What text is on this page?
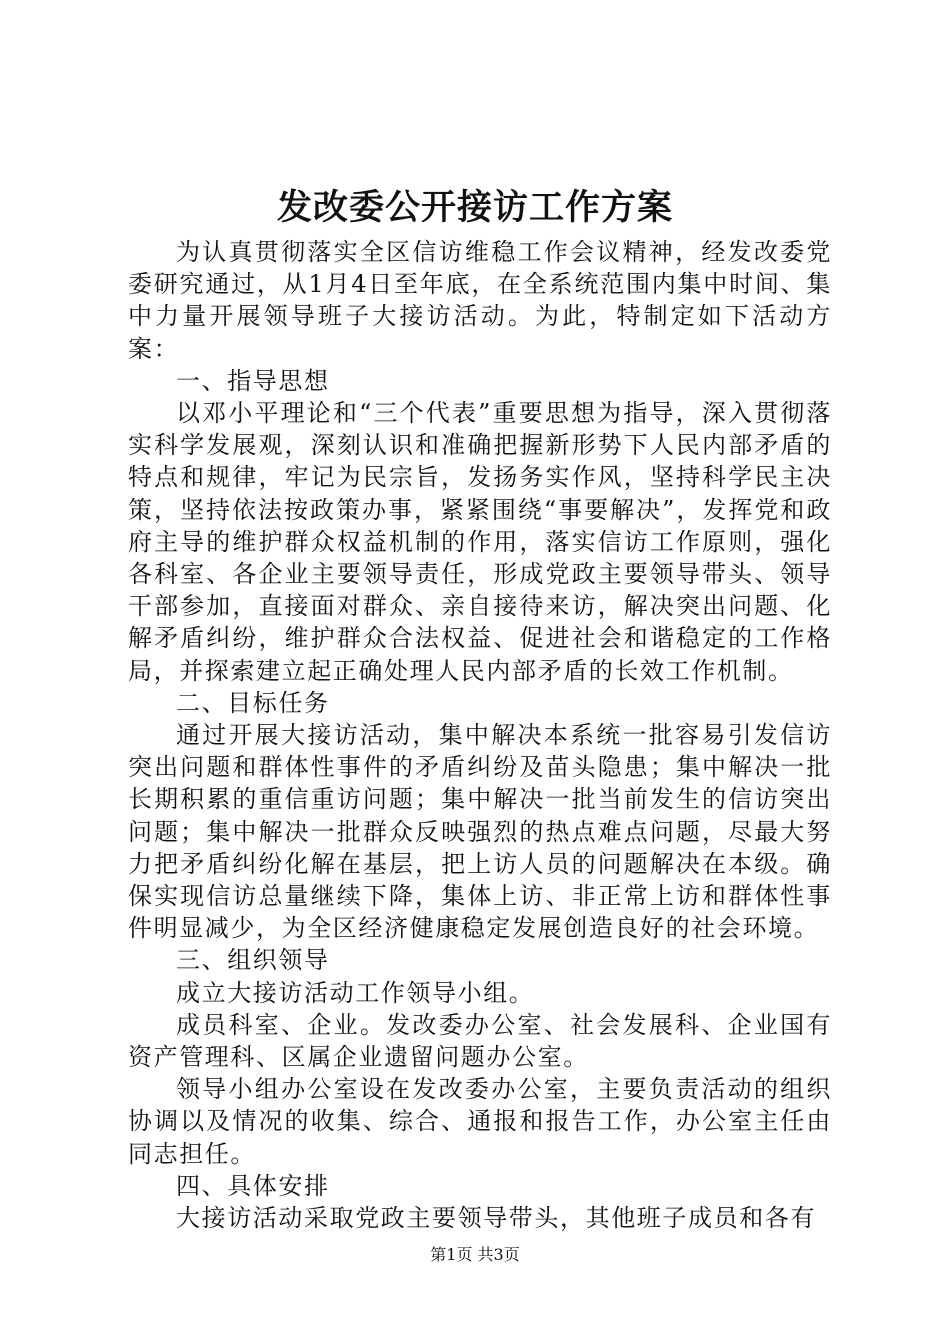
发改委公开接访工作方案

为认真贯彻落实全区信访维稳工作会议精神，经发改委党委研究通过，从1月4日至年底，在全系统范围内集中时间、集中力量开展领导班子大接访活动。为此，特制定如下活动方案：

一、指导思想

以邓小平理论和“三个代表”重要思想为指导，深入贯彻落实科学发展观，深刻认识和准确把握新形势下人民内部矛盾的特点和规律，牢记为民宗旨，发扬务实作风，坚持科学民主决策，坚持依法按政策办事，紧紧围绕“事要解决”，发挥党和政府主导的维护群众权益机制的作用，落实信访工作原则，强化各科室、各企业主要领导责任，形成党政主要领导带头、领导干部参加，直接面对群众、亲自接待来访，解决突出问题、化解矛盾纠纷，维护群众合法权益、促进社会和谐稳定的工作格局，并探索建立起正确处理人民内部矛盾的长效工作机制。

二、目标任务

通过开展大接访活动，集中解决本系统一批容易引发信访突出问题和群体性事件的矛盾纠纷及苗头隐患；集中解决一批长期积累的重信重访问题；集中解决一批当前发生的信访突出问题；集中解决一批群众反映强烈的热点难点问题，尽最大努力把矛盾纠纷化解在基层，把上访人员的问题解决在本级。确保实现信访总量继续下降，集体上访、非正常上访和群体性事件明显减少，为全区经济健康稳定发展创造良好的社会环境。

三、组织领导

成立大接访活动工作领导小组。

成员科室、企业。发改委办公室、社会发展科、企业国有资产管理科、区属企业遗留问题办公室。

领导小组办公室设在发改委办公室，主要负责活动的组织协调以及情况的收集、综合、通报和报告工作，办公室主任由同志担任。

四、具体安排

大接访活动采取党政主要领导带头，其他班子成员和各有

第1页 共3页
